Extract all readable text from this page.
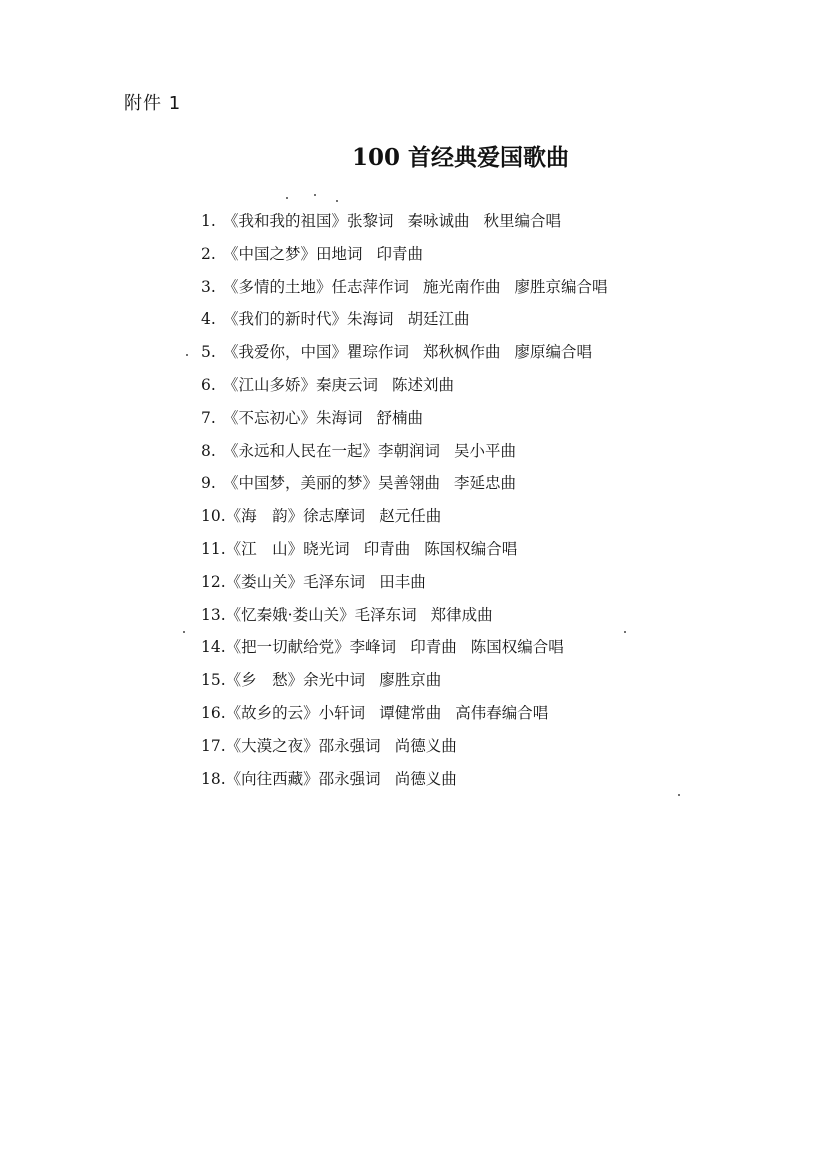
附件 1
100 首经典爱国歌曲
1. 《我和我的祖国》张黎词 秦咏诚曲 秋里编合唱
2. 《中国之梦》田地词 印青曲
3. 《多情的土地》任志萍作词 施光南作曲 廖胜京编合唱
4. 《我们的新时代》朱海词 胡廷江曲
5. 《我爱你，中国》瞿琮作词 郑秋枫作曲 廖原编合唱
6. 《江山多娇》秦庚云词 陈述刘曲
7. 《不忘初心》朱海词 舒楠曲
8. 《永远和人民在一起》李朝润词 吴小平曲
9. 《中国梦，美丽的梦》吴善翎曲 李延忠曲
10.《海　韵》徐志摩词 赵元任曲
11.《江　山》晓光词 印青曲 陈国权编合唱
12.《娄山关》毛泽东词 田丰曲
13.《忆秦娥·娄山关》毛泽东词 郑律成曲
14.《把一切献给党》李峰词 印青曲 陈国权编合唱
15.《乡　愁》余光中词 廖胜京曲
16.《故乡的云》小轩词 谭健常曲 高伟春编合唱
17.《大漠之夜》邵永强词 尚德义曲
18.《向往西藏》邵永强词 尚德义曲
